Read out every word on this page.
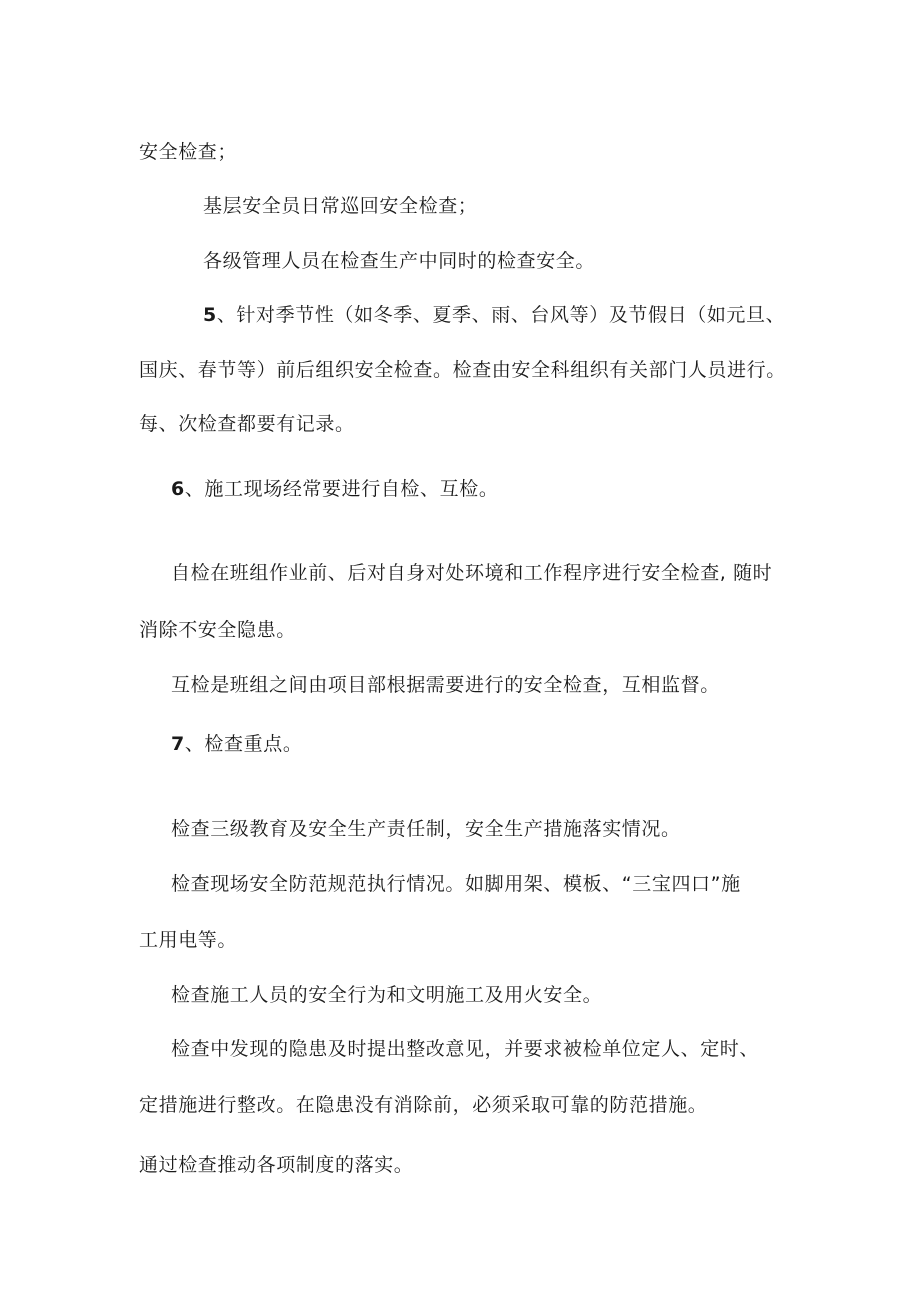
安全检查；
基层安全员日常巡回安全检查；
各级管理人员在检查生产中同时的检查安全。
5、针对季节性（如冬季、夏季、雨、台风等）及节假日（如元旦、
国庆、春节等）前后组织安全检查。检查由安全科组织有关部门人员进行。
每、次检查都要有记录。
6、施工现场经常要进行自检、互检。
自检在班组作业前、后对自身对处环境和工作程序进行安全检查, 随时
消除不安全隐患。
互检是班组之间由项目部根据需要进行的安全检查，互相监督。
7、检查重点。
检查三级教育及安全生产责任制，安全生产措施落实情况。
检查现场安全防范规范执行情况。如脚用架、模板、“三宝四口”施
工用电等。
检查施工人员的安全行为和文明施工及用火安全。
检查中发现的隐患及时提出整改意见，并要求被检单位定人、定时、
定措施进行整改。在隐患没有消除前，必须采取可靠的防范措施。
通过检查推动各项制度的落实。
